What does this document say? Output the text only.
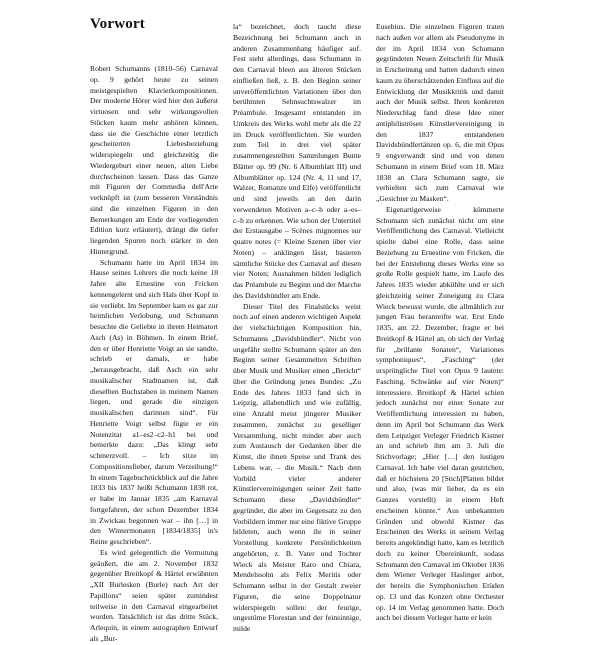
Vorwort

Robert Schumanns (1810–56) Carnaval op. 9 gehört heute zu seinen meistgespielten Klavierkompositionen. Der moderne Hörer wird hier den äußerst virtuosen und sehr wirkungsvollen Stücken kaum mehr anhören können, dass sie die Geschichte einer letztlich gescheiterten Liebesbeziehung widerspiegeln und gleichzeitig die Wiedergeburt einer neuen, alten Liebe durchscheinen lassen. Dass das Ganze mit Figuren der Commedia dell'Arte verknüpft ist (zum besseren Verständnis sind die einzelnen Figuren in den Bemerkungen am Ende der vorliegenden Edition kurz erläutert), drängt die tiefer liegenden Spuren noch stärker in den Hintergrund.

Schumann hatte im April 1834 im Hause seines Lehrers die noch keine 18 Jahre alte Ernestine von Fricken kennengelernt und sich Hals über Kopf in sie verliebt. Im September kam es gar zur heimlichen Verlobung, und Schumann besuchte die Geliebte in ihrem Heimatort Asch (As) in Böhmen. In einem Brief, den er über Henriette Voigt an sie sandte, schrieb er damals, er habe „herausgebracht, daß Asch ein sehr musikalischer Stadtnamen ist, daß dieselben Buchstaben in meinem Namen liegen, und gerade die einzigen musikalischen darinnen sind“. Für Henriette Voigt selbst fügte er ein Notenzitat a1–es2–c2–h1 bei und bemerkte dazu: „Das klingt sehr schmerzvoll. – Ich sitze im Compositionsfieber, darum Verzeihung!“ In einem Tagebuchrückblick auf die Jahre 1833 bis 1837 heißt Schumann 1838 rot, er habe im Januar 1835 „am Karnaval fortgefahren, der schon Dezember 1834 in Zwickau begonnen war – ihn […] in den Wintermonaten [1834/1835] in's Reine geschrieben“.

Es wird gelegentlich die Vermutung geäußert, die am 2. November 1832 gegenüber Breitkopf & Härtel erwähnten „XII Burlesken (Burle) nach Art der Papillons“ seien später zumindest teilweise in den Carnaval eingearbeitet worden. Tatsächlich ist das dritte Stück, Arlequin, in einem autographen Entwurf als „Bur-

la“ bezeichnet, doch taucht diese Bezeichnung bei Schumann auch in anderen Zusammenhang häufiger auf. Fest steht allerdings, dass Schumann in den Carnaval bleen aus älteren Stücken einfließen ließ, z. B. den Beginn seiner unveröffentlichten Variationen über den berühmten Sehnsuchtswalzer im Préambule. Insgesamt entstanden im Umkreis des Werks wohl mehr als die 22 im Druck veröffentlichten. Sie wurden zum Teil in drei viel später zusammengestellten Sammlungen Bunte Blätter op. 99 (Nr. 6 Albumblatt III) und Albumblätter op. 124 (Nr. 4, 11 und 17, Walzer, Romanze und Elfe) veröffentlicht und sind jeweils an den darin verwendeten Motiven a–c–h oder a–es–c–h zu erkennen. Wie schon der Untertitel der Erstausgabe – Scènes mignonnes sur quatre notes (= Kleine Szenen über vier Noten) – anklingen lässt, basieren sämtliche Stücke des Carnaval auf diesen vier Noten; Ausnahmen bilden lediglich das Préambule zu Beginn und der Marche des Davidsbündler am Ende.

Dieser Titel des Finalstücks weist noch auf einen anderen wichtigen Aspekt der vielschichtigen Komposition hin, Schumanns „Davidsbündler“. Nicht von ungefähr stellte Schumann später an den Beginn seiner Gesammelten Schriften über Musik und Musiker einen „Bericht“ über die Gründung jenes Bundes: „Zu Ende des Jahres 1833 fand sich in Leipzig, allabendlich und wie zufällig, eine Anzahl meist jüngerer Musiker zusammen, zunächst zu geselliger Versammlung, nicht minder aber auch zum Austausch der Gedanken über die Kunst, die ihnen Speise und Trank des Lebens war, – die Musik.“ Nach dem Vorbild vieler anderer Künstlervereinigungen seiner Zeit hatte Schumann diese „Davidsbündler“ gegründet, die aber im Gegensatz zu den Vorbildern immer nur eine fiktive Gruppe bildeten, auch wenn ihr in seiner Vorstellung konkrete Persönlichkeiten angehörten, z. B. Vater und Tochter Wieck als Meister Raro und Chiara, Mendelssohn als Felix Meritis oder Schumann selbst in der Gestalt zweier Figuren, die seine Doppelnatur widerspiegeln sollen: der feurige, ungestüme Florestan und der feinsinnige, milde

Eusebius. Die einzelnen Figuren traten nach außen vor allem als Pseudonyme in der im April 1834 von Schumann gegründeten Neuen Zeitschrift für Musik in Erscheinung und hatten dadurch einen kaum zu überschätzenden Einfluss auf die Entwicklung der Musikkritik und damit auch der Musik selbst. Ihren konkreten Niederschlag fand diese Idee einer antiphiliströsen Künstlervereinigung in den 1837 entstandenen Davidsbündlertänzen op. 6, die mit Opus 9 engverwandt sind und von denen Schumann in einem Brief vom 18. März 1838 an Clara Schumann sagte, sie verhielten sich zum Carnaval wie „Gesichter zu Masken“.

Eigenartigerweise kümmerte Schumann sich zunächst nicht um eine Veröffentlichung des Carnaval. Vielleicht spielte dabei eine Rolle, dass seine Beziehung zu Ernestine von Fricken, die bei der Entstehung dieses Werks eine so große Rolle gespielt hatte, im Laufe des Jahres 1835 wieder abkühlte und er sich gleichzeitig seiner Zuneigung zu Clara Wieck bewusst wurde, die allmählich zur jungen Frau heranreifte war. Erst Ende 1835, am 22. Dezember, fragte er bei Breitkopf & Härtel an, ob sich der Verlag für „brillante Sonaten“, Variationes symphoniques“, „Fasching“ (der ursprüngliche Titel von Opus 9 lautete: Fasching. Schwänke auf vier Noten)“ interessiere. Breitkopf & Härtel schien jedoch zunächst nur einer Sonate zur Veröffentlichung interessiert zu haben, denn im April bot Schumann das Werk dem Leipziger Verleger Friedrich Kistner an und schrieb ihm am 3. Juli die Stichvorlage; „Hier […] den lustigen Carnaval. Ich habe viel daran gestrichen, daß er höchstens 20 [Stich]Platten bildet und also, (was mir lieber, da es ein Ganzes vorstellt) in einem Heft erscheinen könnte.“ Aus unbekannten Gründen und obwohl Kistner das Erscheinen des Werks in seinem Verlag bereits angekündigt hatte, kam es letztlich doch zu keiner Übereinkunft, sodass Schumann den Carnaval im Oktober 1836 dem Wiener Verleger Haslinger anbot, der bereits die Symphonischen Etüden op. 13 und das Konzert ohne Orchester op. 14 im Verlag genommen hatte. Doch auch bei diesem Verleger hatte er kein
